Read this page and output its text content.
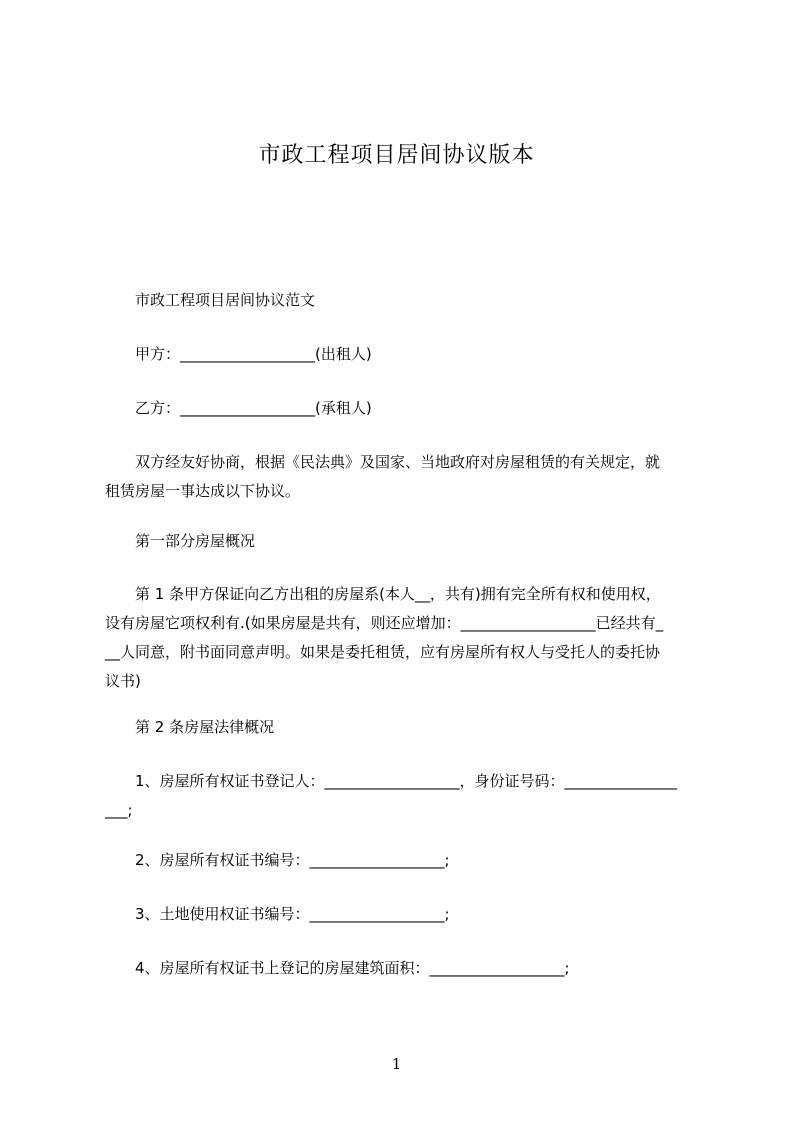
市政工程项目居间协议版本
市政工程项目居间协议范文
甲方：__________________(出租人)
乙方：__________________(承租人)
双方经友好协商，根据《民法典》及国家、当地政府对房屋租赁的有关规定，就
租赁房屋一事达成以下协议。
第一部分房屋概况
第 1 条甲方保证向乙方出租的房屋系(本人__，共有)拥有完全所有权和使用权，
设有房屋它项权利有.(如果房屋是共有，则还应增加：__________________已经共有_
__人同意，附书面同意声明。如果是委托租赁，应有房屋所有权人与受托人的委托协
议书)
第 2 条房屋法律概况
1、房屋所有权证书登记人：__________________，身份证号码：_______________
___;
2、房屋所有权证书编号：__________________;
3、土地使用权证书编号：__________________;
4、房屋所有权证书上登记的房屋建筑面积：__________________;
1
